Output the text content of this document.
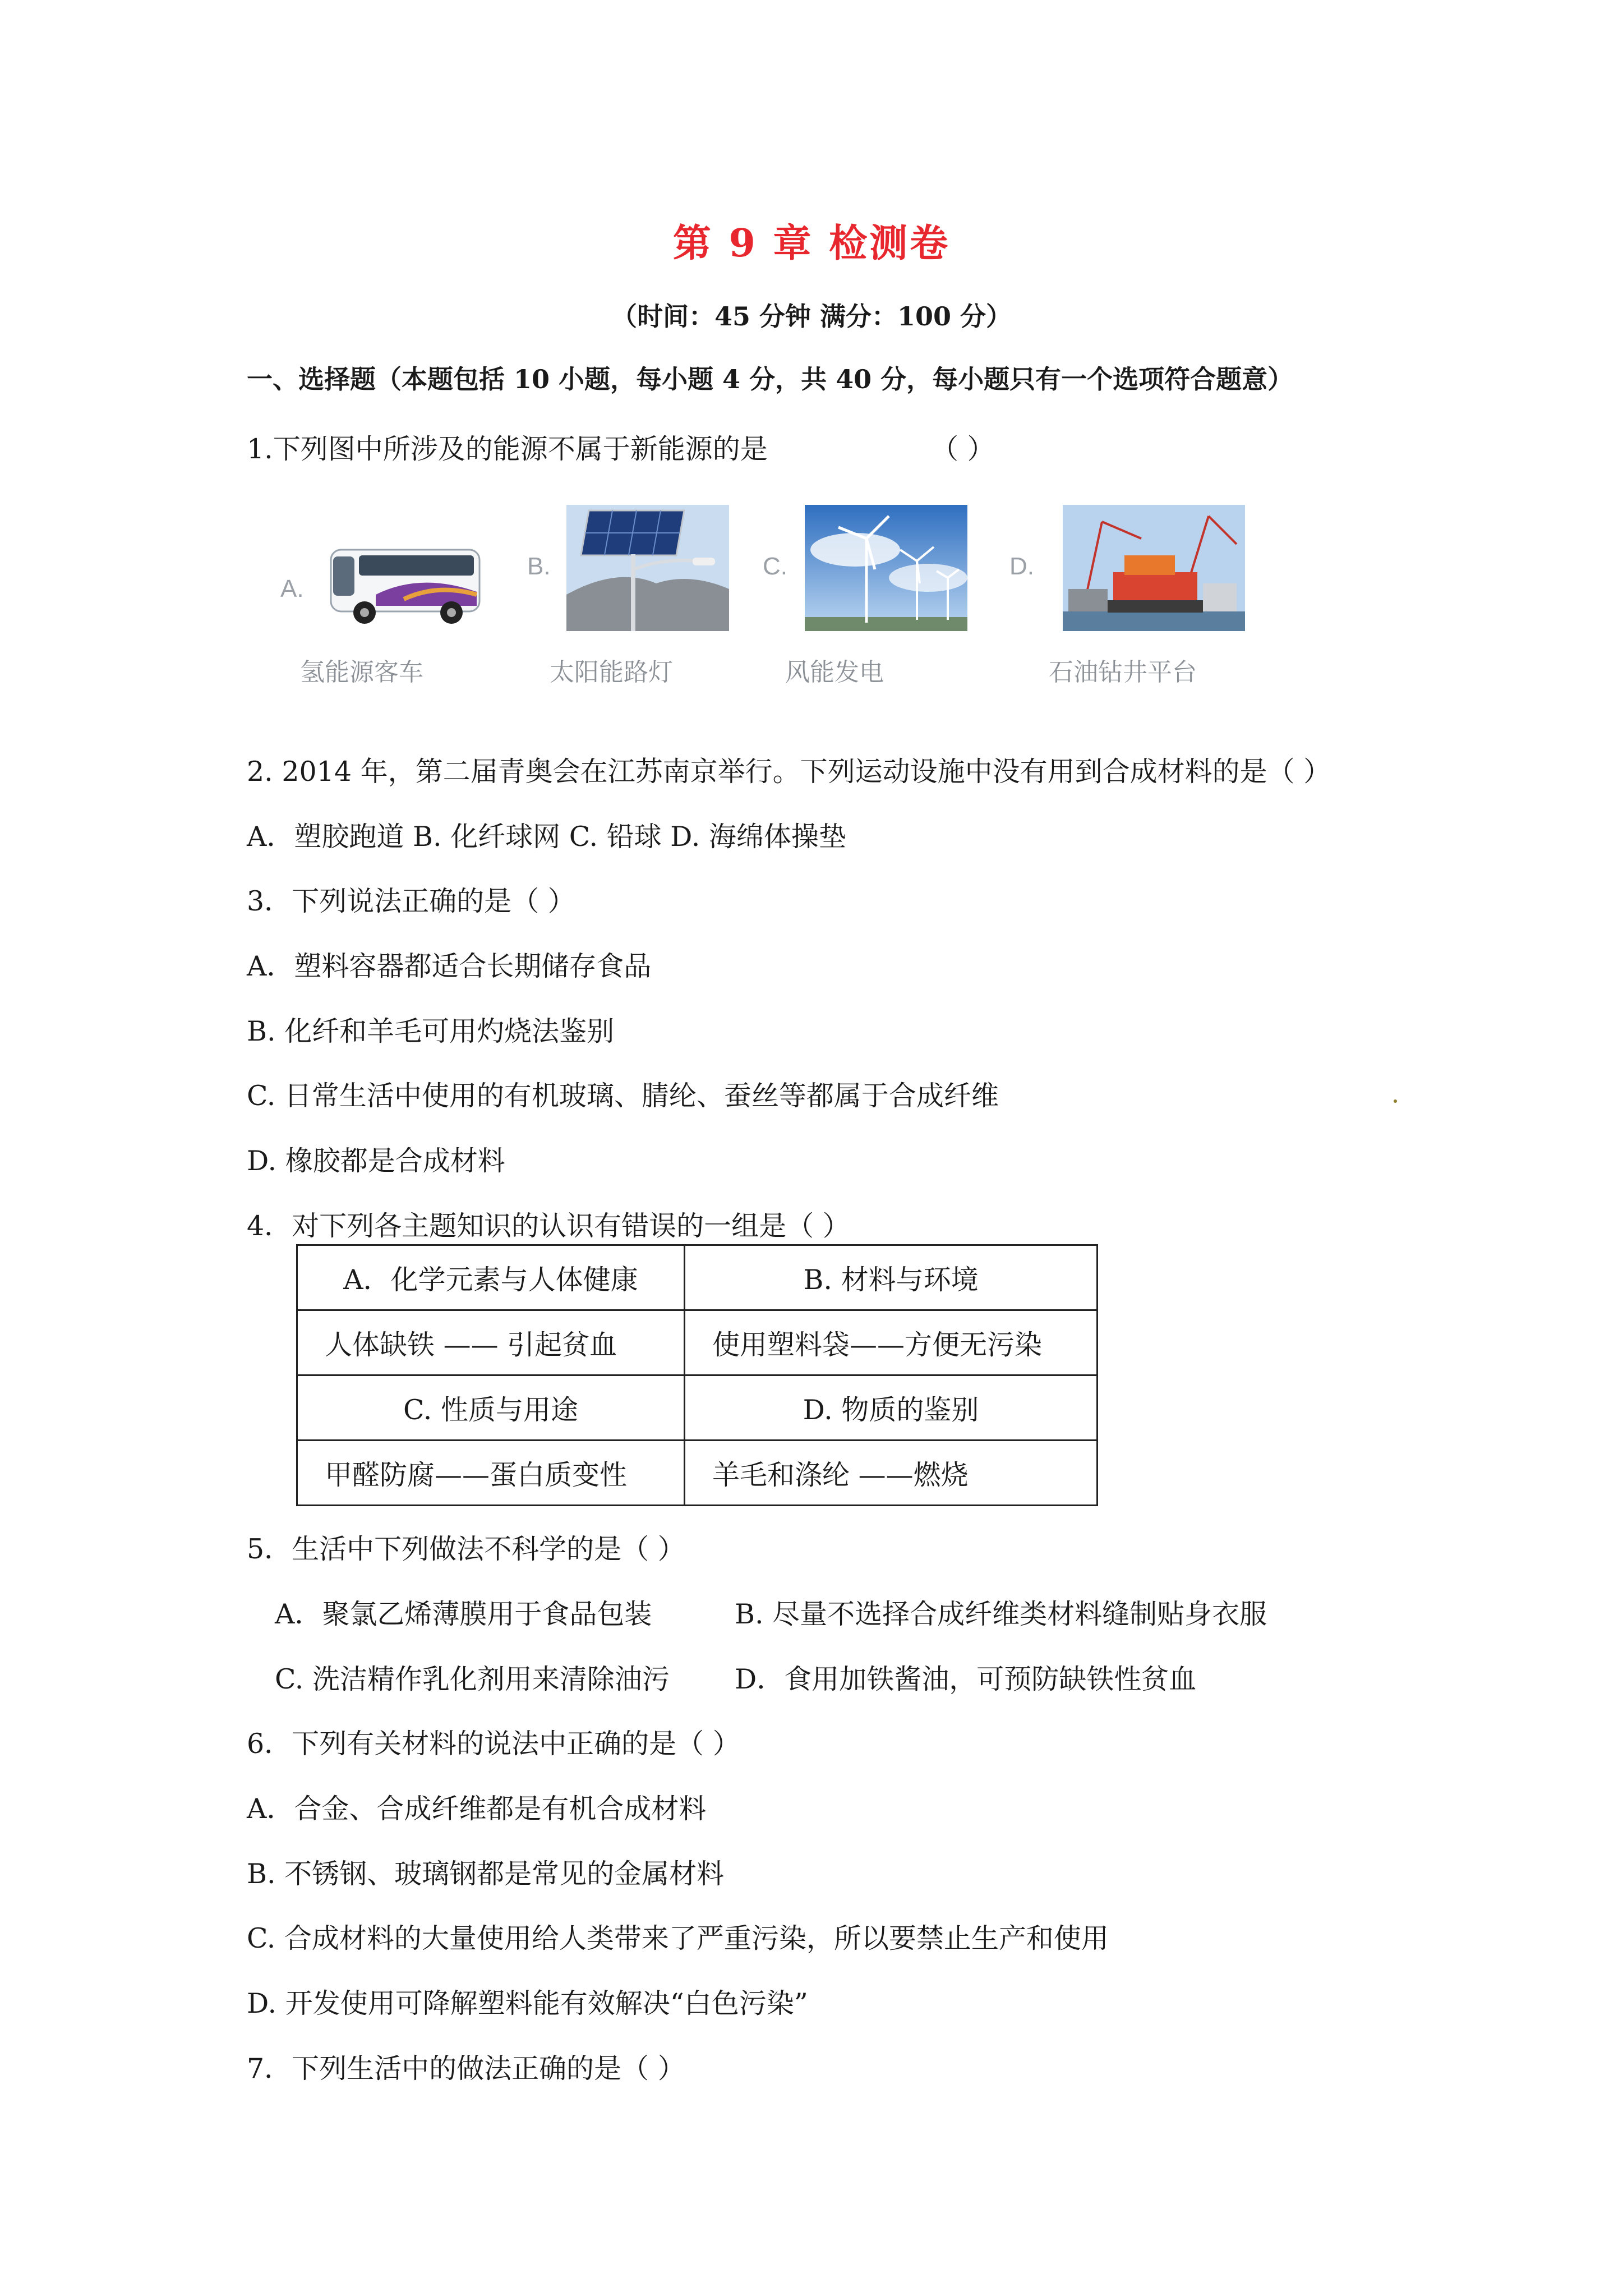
第 9 章 检测卷
（时间：45 分钟 满分：100 分）
一、选择题（本题包括 10 小题，每小题 4 分，共 40 分，每小题只有一个选项符合题意）
1.下列图中所涉及的能源不属于新能源的是	（ ）
A.
氢能源客车
B.
太阳能路灯
C.
风能发电
D.
石油钻井平台
2. 2014 年，第二届青奥会在江苏南京举行。下列运动设施中没有用到合成材料的是（ ）
A．塑胶跑道 B. 化纤球网 C. 铅球 D. 海绵体操垫
3．下列说法正确的是（ ）
A．塑料容器都适合长期储存食品
B. 化纤和羊毛可用灼烧法鉴别
C. 日常生活中使用的有机玻璃、腈纶、蚕丝等都属于合成纤维
D. 橡胶都是合成材料
4．对下列各主题知识的认识有错误的一组是（ ）
A．化学元素与人体健康	B. 材料与环境
人体缺铁 —— 引起贫血	使用塑料袋——方便无污染
C. 性质与用途	D. 物质的鉴别
甲醛防腐——蛋白质变性	羊毛和涤纶 ——燃烧
5．生活中下列做法不科学的是（ ）
A．聚氯乙烯薄膜用于食品包装	B. 尽量不选择合成纤维类材料缝制贴身衣服
C. 洗洁精作乳化剂用来清除油污 D．食用加铁酱油，可预防缺铁性贫血
6．下列有关材料的说法中正确的是（ ）
A．合金、合成纤维都是有机合成材料
B. 不锈钢、玻璃钢都是常见的金属材料
C. 合成材料的大量使用给人类带来了严重污染，所以要禁止生产和使用
D. 开发使用可降解塑料能有效解决“白色污染”
7．下列生活中的做法正确的是（ ）
